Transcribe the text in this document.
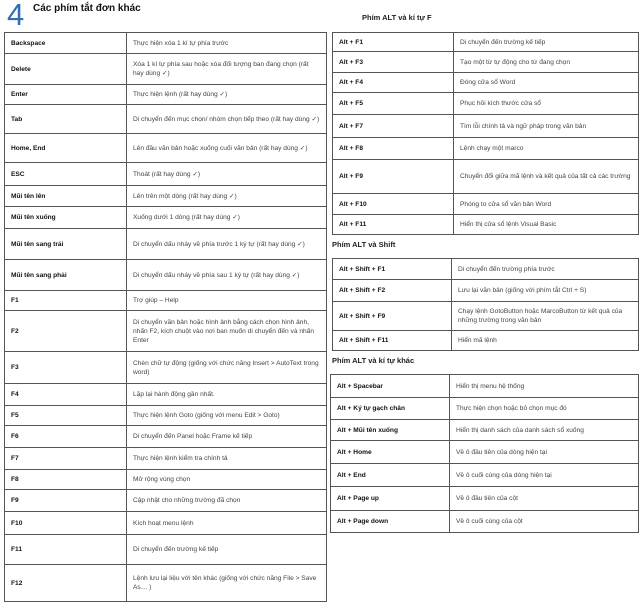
4 Các phím tắt đơn khác
Backspace	Thực hiện xóa 1 kí tự phía trước
Delete	Xóa 1 kí tự phía sau hoặc xóa đối tượng ban đang chọn (rất hay dùng ✓)
Enter	Thực hiện lệnh (rất hay dùng ✓)
Tab	Di chuyển đến mục chọn/ nhóm chọn tiếp theo (rất hay dùng ✓)
Home, End	Lên đầu văn bản hoặc xuống cuối văn bản (rất hay dùng ✓)
ESC	Thoát (rất hay dùng ✓)
Mũi tên lên	Lên trên một dòng (rất hay dùng ✓)
Mũi tên xuống	Xuống dưới 1 dòng (rất hay dùng ✓)
Mũi tên sang trái	Di chuyển dấu nháy về phía trước 1 ký tự (rất hay dùng ✓)
Mũi tên sang phải	Di chuyển dấu nháy về phía sau 1 ký tự (rất hay dùng ✓)
F1	Trợ giúp – Help
F2	Di chuyển văn bản hoặc hình ảnh bằng cách chọn hình ảnh, nhấn F2, kích chuột vào nơi ban muốn di chuyển đến và nhấn Enter
F3	Chèn chữ tự động (giống với chức năng Insert > AutoText trong word)
F4	Lặp lại hành động gần nhất.
F5	Thực hiện lệnh Goto (giống với menu Edit > Goto)
F6	Di chuyển đến Panel hoặc Frame kế tiếp
F7	Thực hiện lệnh kiểm tra chính tả
F8	Mở rộng vùng chọn
F9	Cập nhật cho những trường đã chọn
F10	Kích hoạt menu lệnh
F11	Di chuyển đến trường kế tiếp
F12	Lệnh lưu lại liệu với tên khác (giống với chức năng File > Save As… )
Phím ALT và kí tự F
Alt + F1	Di chuyển đến trường kế tiếp
Alt + F3	Tạo một từ tự động cho từ đang chọn
Alt + F4	Đóng cửa sổ Word
Alt + F5	Phục hồi kích thước cửa sổ
Alt + F7	Tìm lỗi chính tả và ngữ pháp trong văn bản
Alt + F8	Lệnh chạy một marco
Alt + F9	Chuyển đổi giữa mã lệnh và kết quả của tất cả các trường
Alt + F10	Phóng to cửa sổ văn bản Word
Alt + F11	Hiển thị cửa sổ lệnh Visual Basic
Phím ALT và Shift
Alt + Shift + F1	Di chuyển đến trường phía trước
Alt + Shift + F2	Lưu lại văn bản (giống với phím tắt Ctrl + S)
Alt + Shift + F9	Chạy lệnh GotoButton hoặc MarcoButton từ kết quả của những trường trong văn bản
Alt + Shift + F11	Hiển mã lệnh
Phím ALT và kí tự khác
Alt + Spacebar	Hiển thị menu hệ thống
Alt + Ký tự gạch chân	Thực hiện chọn hoặc bỏ chọn mục đó
Alt + Mũi tên xuống	Hiển thị danh sách của danh sách sổ xuống
Alt + Home	Về ô đầu tiên của dòng hiện tại
Alt + End	Về ô cuối cùng của dòng hiện tại
Alt + Page up	Về ô đầu tiên của cột
Alt + Page down	Về ô cuối cùng của cột
